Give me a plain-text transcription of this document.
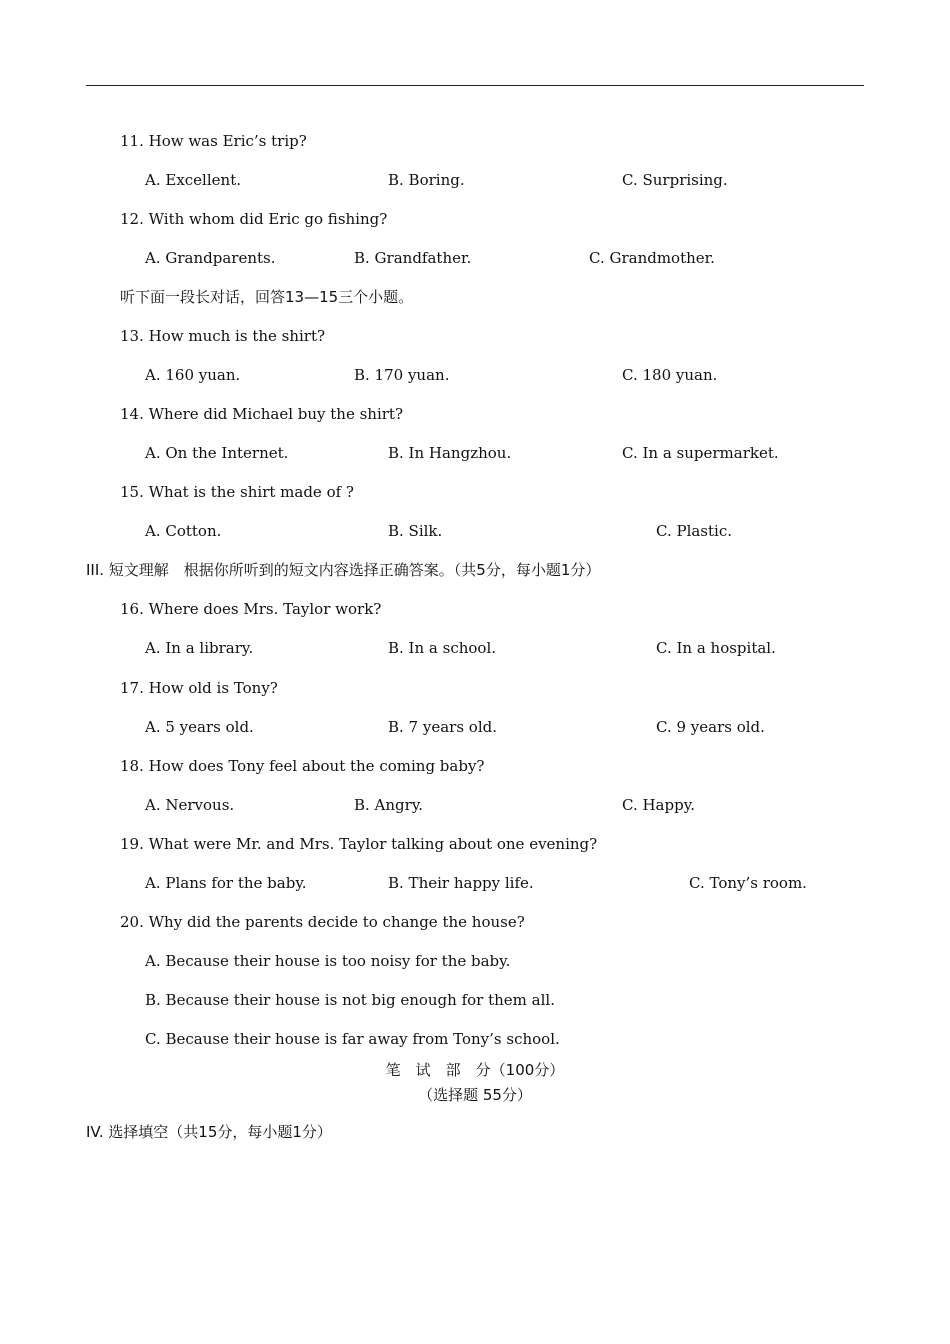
11. How was Eric’s trip?
A. Excellent.	B. Boring.	C. Surprising.
12. With whom did Eric go fishing?
A. Grandparents.	B. Grandfather.	C. Grandmother.
听下面一段长对话，回答13—15三个小题。
13. How much is the shirt?
A. 160 yuan.	B. 170 yuan.	C. 180 yuan.
14. Where did Michael buy the shirt?
A. On the Internet.	B. In Hangzhou.	C. In a supermarket.
15. What is the shirt made of ?
A. Cotton.	B. Silk.	C. Plastic.
III. 短文理解　根据你所听到的短文内容选择正确答案。（共5分，每小题1分）
16. Where does Mrs. Taylor work?
A. In a library.	B. In a school.	C. In a hospital.
17. How old is Tony?
A. 5 years old.	B. 7 years old.	C. 9 years old.
18. How does Tony feel about the coming baby?
A. Nervous.	B. Angry.	C. Happy.
19. What were Mr. and Mrs. Taylor talking about one evening?
A. Plans for the baby.	B. Their happy life.	C. Tony’s room.
20. Why did the parents decide to change the house?
A. Because their house is too noisy for the baby.
B. Because their house is not big enough for them all.
C. Because their house is far away from Tony’s school.
笔　试　部　分（100分）
（选择题 55分）
IV. 选择填空（共15分，每小题1分）
